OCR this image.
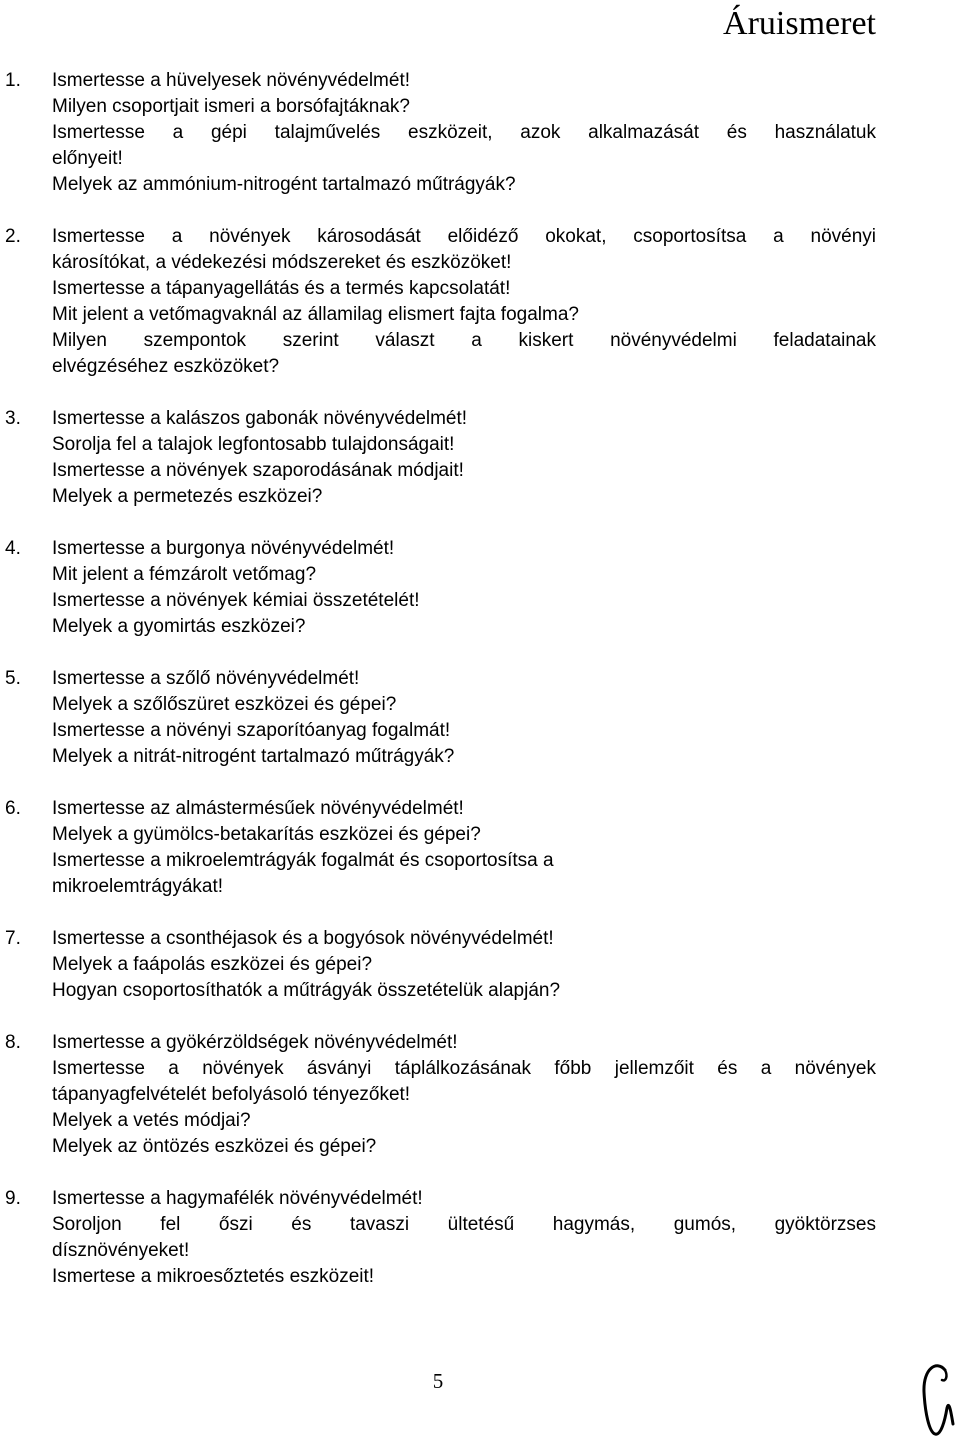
Áruismeret
1. Ismertesse a hüvelyesek növényvédelmét!
Milyen csoportjait ismeri a borsófajtáknak?
Ismertesse a gépi talajművelés eszközeit, azok alkalmazását és használatuk
előnyeit!
Melyek az ammónium-nitrogént tartalmazó műtrágyák?
2. Ismertesse a növények károsodását előidéző okokat, csoportosítsa a növényi
károsítókat, a védekezési módszereket és eszközöket!
Ismertesse a tápanyagellátás és a termés kapcsolatát!
Mit jelent a vetőmagvaknál az államilag elismert fajta fogalma?
Milyen szempontok szerint választ a kiskert növényvédelmi feladatainak
elvégzéséhez eszközöket?
3. Ismertesse a kalászos gabonák növényvédelmét!
Sorolja fel a talajok legfontosabb tulajdonságait!
Ismertesse a növények szaporodásának módjait!
Melyek a permetezés eszközei?
4. Ismertesse a burgonya növényvédelmét!
Mit jelent a fémzárolt vetőmag?
Ismertesse a növények kémiai összetételét!
Melyek a gyomirtás eszközei?
5. Ismertesse a szőlő növényvédelmét!
Melyek a szőlőszüret eszközei és gépei?
Ismertesse a növényi szaporítóanyag fogalmát!
Melyek a nitrát-nitrogént tartalmazó műtrágyák?
6. Ismertesse az almástermésűek növényvédelmét!
Melyek a gyümölcs-betakarítás eszközei és gépei?
Ismertesse a mikroelemtrágyák fogalmát és csoportosítsa a
mikroelemtrágyákat!
7. Ismertesse a csonthéjasok és a bogyósok növényvédelmét!
Melyek a faápolás eszközei és gépei?
Hogyan csoportosíthatók a műtrágyák összetételük alapján?
8. Ismertesse a gyökérzöldségek növényvédelmét!
Ismertesse a növények ásványi táplálkozásának főbb jellemzőit és a növények
tápanyagfelvételét befolyásoló tényezőket!
Melyek a vetés módjai?
Melyek az öntözés eszközei és gépei?
9. Ismertesse a hagymafélék növényvédelmét!
Soroljon fel őszi és tavaszi ültetésű hagymás, gumós, gyöktörzses
dísznövényeket!
Ismertese a mikroesőztetés eszközeit!
5
